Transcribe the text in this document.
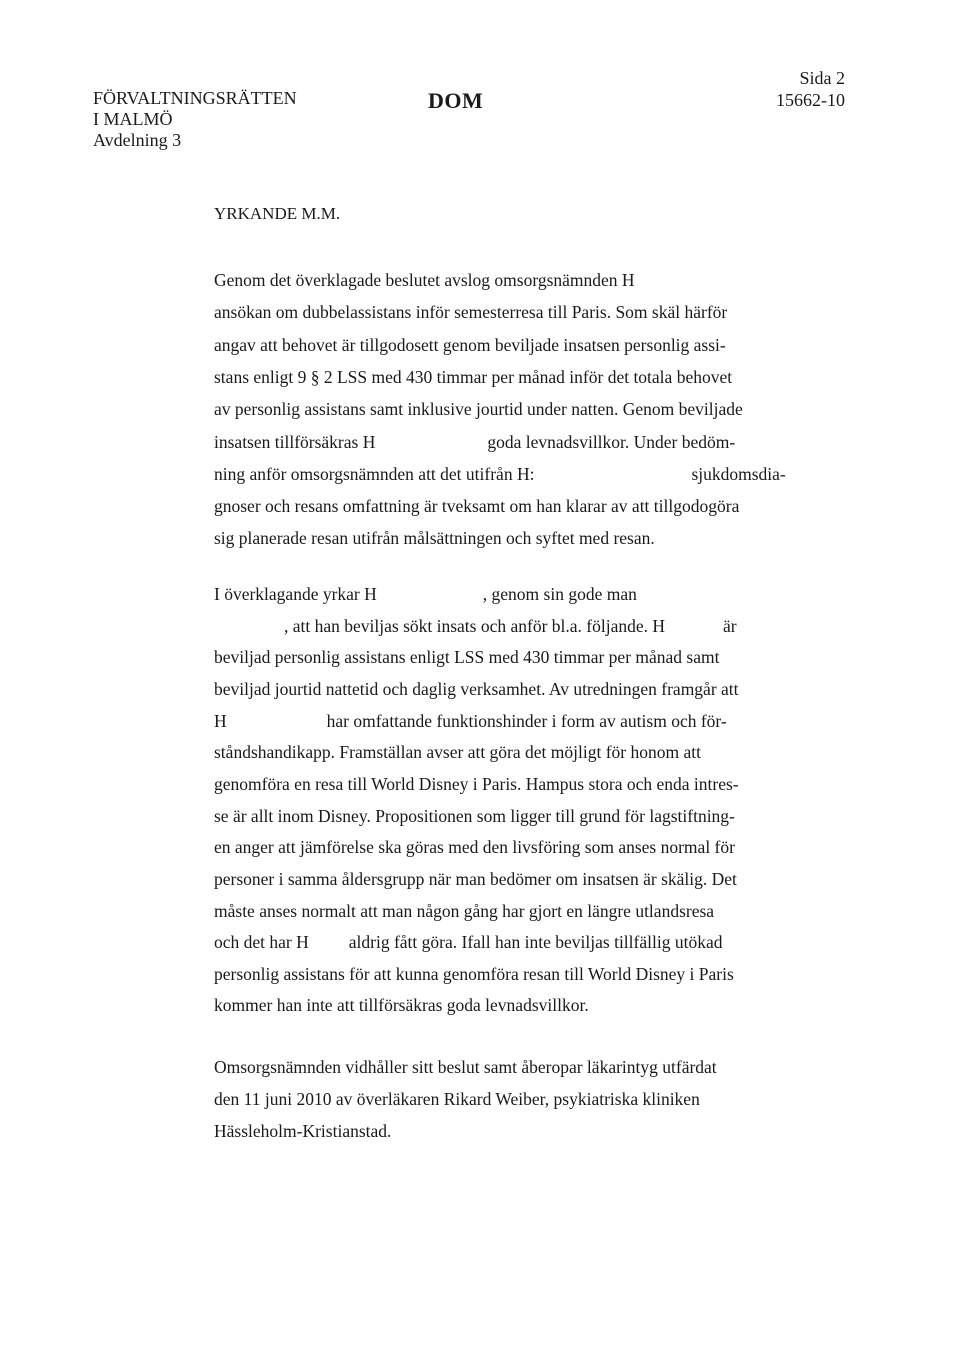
FÖRVALTNINGSRÄTTEN
I MALMÖ
Avdelning 3
DOM
Sida 2
15662-10
YRKANDE M.M.
Genom det överklagade beslutet avslog omsorgsnämnden H
ansökan om dubbelassistans inför semesterresa till Paris. Som skäl härför
angav att behovet är tillgodosett genom beviljade insatsen personlig assi-
stans enligt 9 § 2 LSS med 430 timmar per månad inför det totala behovet
av personlig assistans samt inklusive jourtid under natten. Genom beviljade
insatsen tillförsäkras H	goda levnadsvillkor. Under bedöm-
ning anför omsorgsnämnden att det utifrån H:	sjukdomsdia-
gnoser och resans omfattning är tveksamt om han klarar av att tillgodogöra
sig planerade resan utifrån målsättningen och syftet med resan.
I överklagande yrkar H	, genom sin gode man
, att han beviljas sökt insats och anför bl.a. följande. H	är
beviljad personlig assistans enligt LSS med 430 timmar per månad samt
beviljad jourtid nattetid och daglig verksamhet. Av utredningen framgår att
H	har omfattande funktionshinder i form av autism och för-
ståndshandikapp. Framställan avser att göra det möjligt för honom att
genomföra en resa till World Disney i Paris. Hampus stora och enda intres-
se är allt inom Disney. Propositionen som ligger till grund för lagstiftning-
en anger att jämförelse ska göras med den livsföring som anses normal för
personer i samma åldersgrupp när man bedömer om insatsen är skälig. Det
måste anses normalt att man någon gång har gjort en längre utlandsresa
och det har H aldrig fått göra. Ifall han inte beviljas tillfällig utökad
personlig assistans för att kunna genomföra resan till World Disney i Paris
kommer han inte att tillförsäkras goda levnadsvillkor.
Omsorgsnämnden vidhåller sitt beslut samt åberopar läkarintyg utfärdat
den 11 juni 2010 av överläkaren Rikard Weiber, psykiatriska kliniken
Hässleholm-Kristianstad.
